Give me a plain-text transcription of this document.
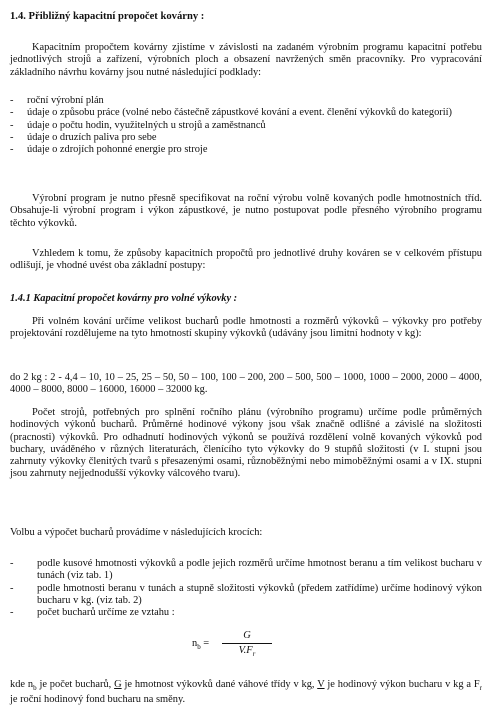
1.4. Přibližný kapacitní propočet kovárny :
Kapacitním propočtem kovárny zjistíme v závislosti na zadaném výrobním programu kapacitní potřebu jednotlivých strojů a zařízení, výrobních ploch a obsazení navržených směn pracovníky. Pro vypracování základního návrhu kovárny jsou nutné následující podklady:
- roční výrobní plán
- údaje o způsobu práce (volné nebo částečně zápustkové kování a event. členění výkovků do kategorií)
- údaje o počtu hodin, využitelných u strojů a zaměstnanců
- údaje o druzích paliva pro sebe
- údaje o zdrojích pohonné energie pro stroje
Výrobní program je nutno přesně specifikovat na roční výrobu volně kovaných podle hmotnostních tříd. Obsahuje-li výrobní program i výkon zápustkové, je nutno postupovat podle přesného výrobního programu těchto výkovků.
Vzhledem k tomu, že způsoby kapacitních propočtů pro jednotlivé druhy kováren se v celkovém přístupu odlišují, je vhodné uvést oba základní postupy:
1.4.1 Kapacitní propočet kovárny pro volné výkovky :
Při volném kování určíme velikost bucharů podle hmotnosti a rozměrů výkovků – výkovky pro potřeby projektování rozdělujeme na tyto hmotností skupiny výkovků (udávány jsou limitní hodnoty v kg):
do 2 kg : 2 - 4,4 – 10, 10 – 25, 25 – 50, 50 – 100, 100 – 200, 200 – 500, 500 – 1000, 1000 – 2000, 2000 – 4000, 4000 – 8000, 8000 – 16000, 16000 – 32000 kg.
Počet strojů, potřebných pro splnění ročního plánu (výrobního programu) určíme podle průměrných hodinových výkonů bucharů. Průměrné hodinové výkony jsou však značně odlišné a závislé na složitosti (pracnosti) výkovků. Pro odhadnutí hodinových výkonů se používá rozdělení volně kovaných výkovků pod buchary, uváděného v různých literaturách, členícího tyto výkovky do 9 stupňů složitosti (v I. stupni jsou zahrnuty výkovky členitých tvarů s přesazenými osami, různoběžnými nebo mimoběžnými osami a v IX. stupni jsou zahrnuty nejjednodušší výkovky válcového tvaru).
Volbu a výpočet bucharů provádíme v následujících krocích:
- podle kusové hmotnosti výkovků a podle jejich rozměrů určíme hmotnost beranu a tím velikost bucharu v tunách (viz tab. 1)
- podle hmotnosti beranu v tunách a stupně složitosti výkovků (předem zatřídíme) určíme hodinový výkon bucharu v kg. (viz tab. 2)
- počet bucharů určíme ze vztahu :
$n_b$ =
G
$V.F_r$
kde $n_b$ je počet bucharů, G je hmotnost výkovků dané váhové třídy v kg, V je hodinový výkon bucharu v kg a $F_r$ je roční hodinový fond bucharu na směny.
